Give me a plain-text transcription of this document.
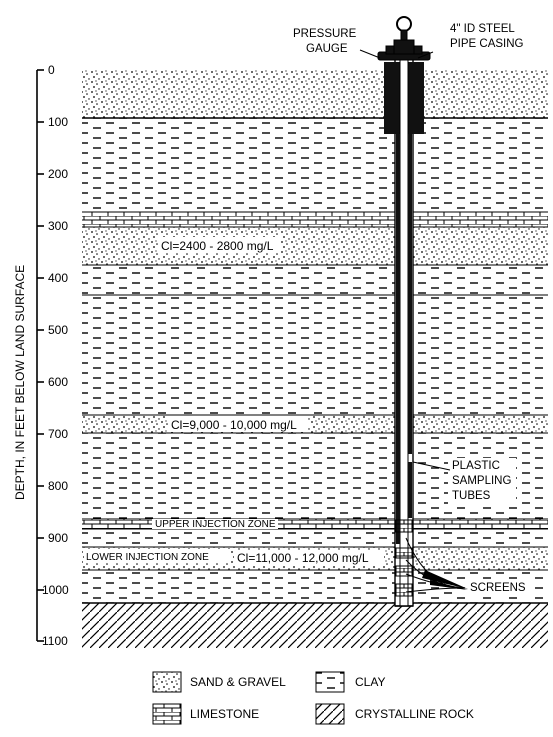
0
100
200
300
400
500
600
700
800
900
1000
1100
DEPTH, IN FEET BELOW LAND SURFACE
Cl=2400 - 2800 mg/L
Cl=9,000 - 10,000 mg/L
UPPER INJECTION ZONE
LOWER INJECTION ZONE Cl=11,000 - 12,000 mg/L
PRESSURE
GAUGE
4" ID STEEL
PIPE CASING
PLASTIC
SAMPLING
TUBES
SCREENS
SAND & GRAVEL	CLAY
LIMESTONE	CRYSTALLINE ROCK
